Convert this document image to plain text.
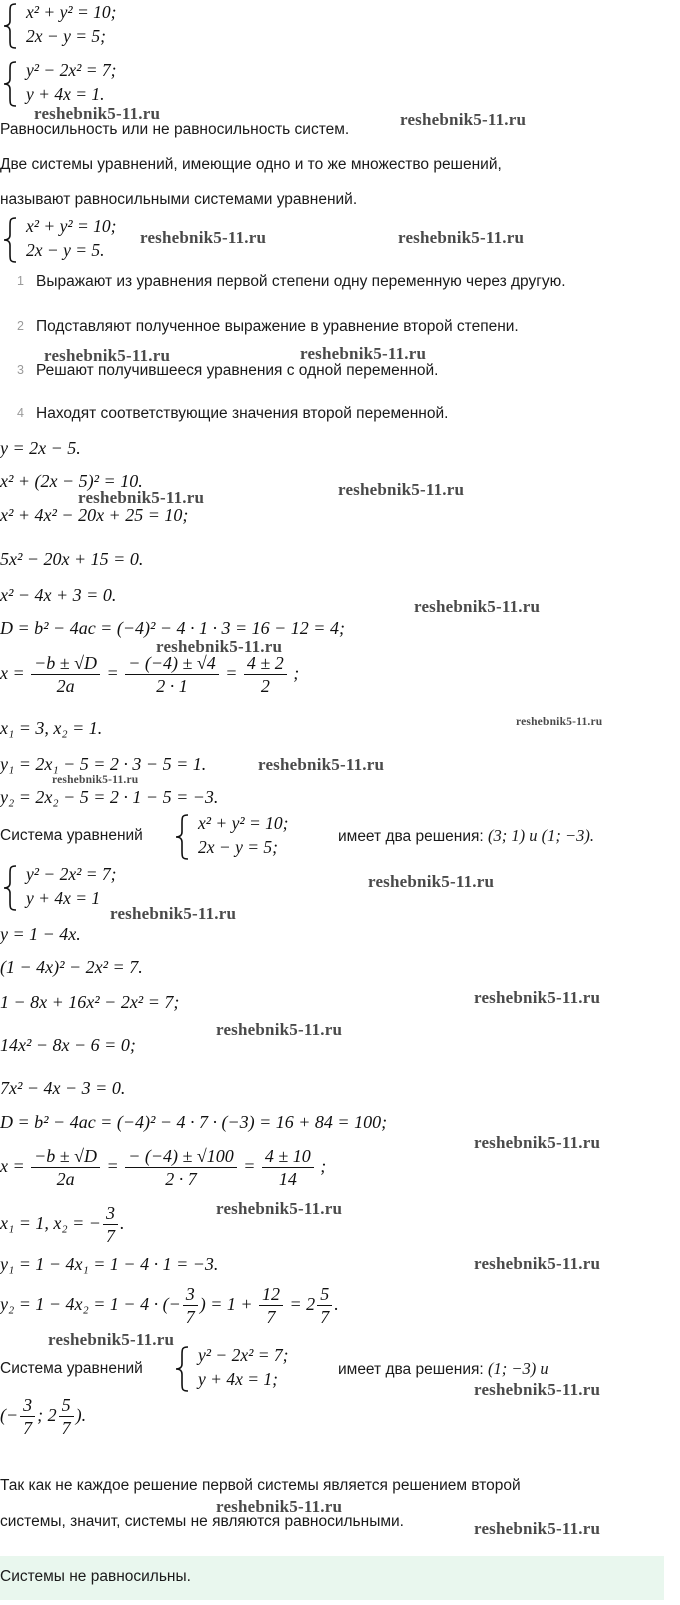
x² + y² = 10;
2x − y = 5;
y² − 2x² = 7;
y + 4x = 1.
reshebnik5-11.ru	reshebnik5-11.ru
Равносильность или не равносильность систем.
Две системы уравнений, имеющие одно и то же множество решений,
называют равносильными системами уравнений.
x² + y² = 10;
2x − y = 5.
reshebnik5-11.ru	reshebnik5-11.ru
1 Выражают из уравнения первой степени одну переменную через другую.
2 Подставляют полученное выражение в уравнение второй степени.
reshebnik5-11.ru	reshebnik5-11.ru
3 Решают получившееся уравнения с одной переменной.
4 Находят соответствующие значения второй переменной.
y = 2x − 5.
x² + (2x − 5)² = 10.
reshebnik5-11.ru	reshebnik5-11.ru
x² + 4x² − 20x + 25 = 10;
5x² − 20x + 15 = 0.
x² − 4x + 3 = 0.
reshebnik5-11.ru
D = b² − 4ac = (−4)² − 4 · 1 · 3 = 16 − 12 = 4;
reshebnik5-11.ru
$x = \frac{-b \pm √D}{2a} = \frac{- (-4) \pm √4}{2 \cdot 1} = \frac{4 \pm 2}{2}$ ;
x₁ = 3, x₂ = 1.	reshebnik5-11.ru
y₁ = 2x₁ − 5 = 2 · 3 − 5 = 1.	reshebnik5-11.ru
reshebnik5-11.ru
y₂ = 2x₂ − 5 = 2 · 1 − 5 = −3.
Система уравнений
x² + y² = 10;
2x − y = 5;
имеет два решения: (3; 1) и (1; −3).
y² − 2x² = 7;
y + 4x = 1
reshebnik5-11.ru
reshebnik5-11.ru
y = 1 − 4x.
(1 − 4x)² − 2x² = 7.
1 − 8x + 16x² − 2x² = 7;	reshebnik5-11.ru
reshebnik5-11.ru
14x² − 8x − 6 = 0;
7x² − 4x − 3 = 0.
D = b² − 4ac = (−4)² − 4 · 7 · (−3) = 16 + 84 = 100;
reshebnik5-11.ru
$x = \frac{-b \pm √D}{2a} = \frac{- (-4) \pm √100}{2 \cdot 7} = \frac{4 \pm 10}{14}$ ;
reshebnik5-11.ru
x₁ = 1, x₂ = − $\frac{3}{7}$ .
y₁ = 1 − 4x₁ = 1 − 4 · 1 = −3.	reshebnik5-11.ru
y₂ = 1 − 4x₂ = 1 − 4 · (− $\frac{3}{7}$ ) = $1 + \frac{12}{7} = 2 \frac{5}{7}$ .
reshebnik5-11.ru
Система уравнений
y² − 2x² = 7;
y + 4x = 1;	имеет два решения: (1; −3) и
reshebnik5-11.ru
(− $\frac{3}{7}$ ; $2 \frac{5}{7}$ ).
Так как не каждое решение первой системы является решением второй
reshebnik5-11.ru
системы, значит, системы не являются равносильными.	reshebnik5-11.ru
Системы не равносильны.
